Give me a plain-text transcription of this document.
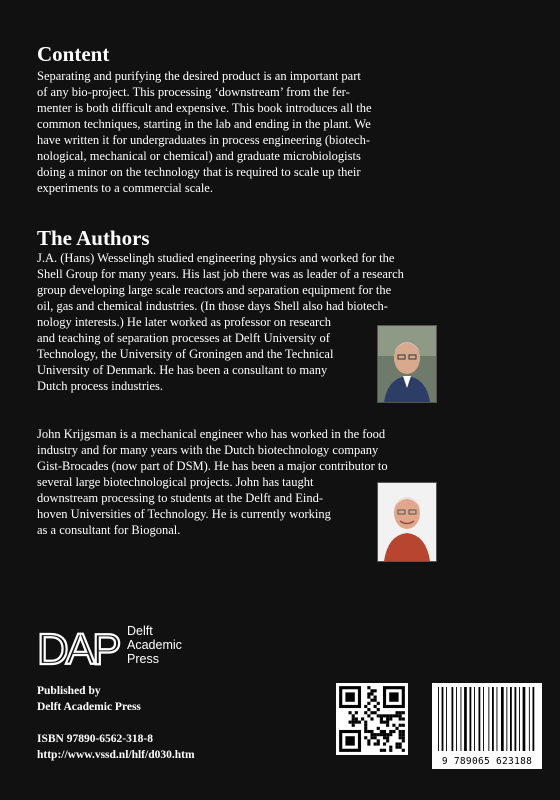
Content
Separating and purifying the desired product is an important part
of any bio-project. This processing ‘downstream’ from the fer-
menter is both difficult and expensive. This book introduces all the
common techniques, starting in the lab and ending in the plant. We
have written it for undergraduates in process engineering (biotech-
nological, mechanical or chemical) and graduate microbiologists
doing a minor on the technology that is required to scale up their
experiments to a commercial scale.
The Authors
J.A. (Hans) Wesselingh studied engineering physics and worked for the
Shell Group for many years. His last job there was as leader of a research
group developing large scale reactors and separation equipment for the
oil, gas and chemical industries. (In those days Shell also had biotech-
nology interests.) He later worked as professor on research
and teaching of separation processes at Delft University of
Technology, the University of Groningen and the Technical
University of Denmark. He has been a consultant to many
Dutch process industries.
John Krijgsman is a mechanical engineer who has worked in the food
industry and for many years with the Dutch biotechnology company
Gist-Brocades (now part of DSM). He has been a major contributor to
several large biotechnological projects. John has taught
downstream processing to students at the Delft and Eind-
hoven Universities of Technology. He is currently working
as a consultant for Biogonal.
DAP Delft
Academic
Press
Published by
Delft Academic Press
ISBN 97890-6562-318-8
http://www.vssd.nl/hlf/d030.htm
9 789065 623188
